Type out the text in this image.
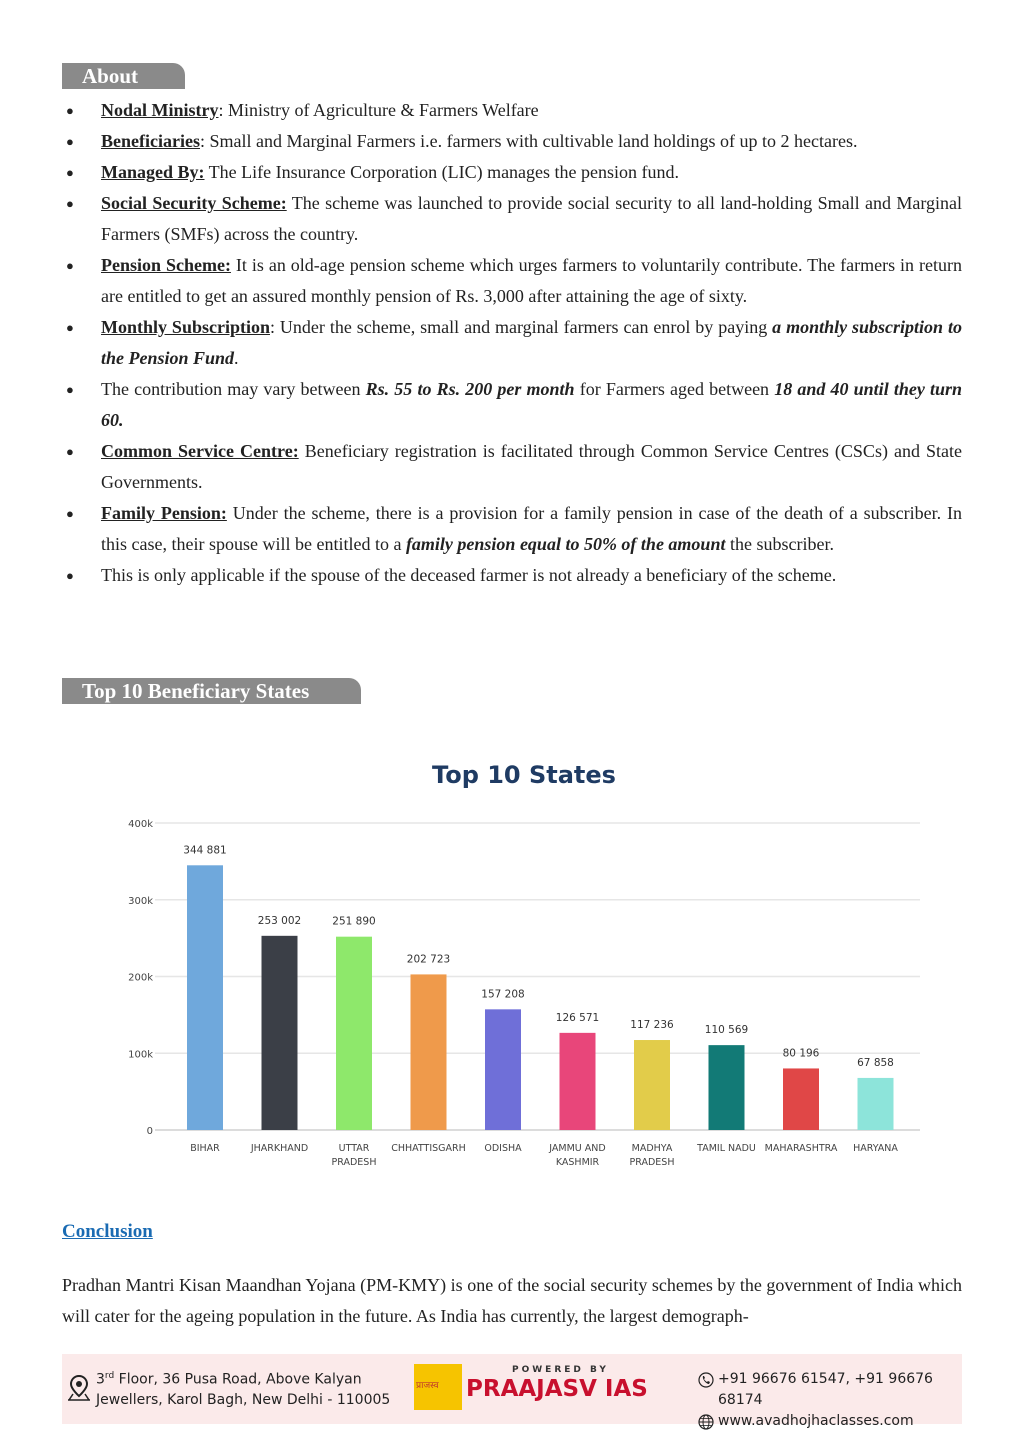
About
● Nodal Ministry: Ministry of Agriculture & Farmers Welfare
● Beneficiaries: Small and Marginal Farmers i.e. farmers with cultivable land holdings of up to 2 hectares.
● Managed By: The Life Insurance Corporation (LIC) manages the pension fund.
● Social Security Scheme: The scheme was launched to provide social security to all land-holding Small and Marginal Farmers (SMFs) across the country.
● Pension Scheme: It is an old-age pension scheme which urges farmers to voluntarily contribute. The farmers in return are entitled to get an assured monthly pension of Rs. 3,000 after attaining the age of sixty.
● Monthly Subscription: Under the scheme, small and marginal farmers can enrol by paying a monthly subscription to the Pension Fund.
● The contribution may vary between Rs. 55 to Rs. 200 per month for Farmers aged between 18 and 40 until they turn 60.
● Common Service Centre: Beneficiary registration is facilitated through Common Service Centres (CSCs) and State Governments.
● Family Pension: Under the scheme, there is a provision for a family pension in case of the death of a subscriber. In this case, their spouse will be entitled to a family pension equal to 50% of the amount the subscriber.
● This is only applicable if the spouse of the deceased farmer is not already a beneficiary of the scheme.
Top 10 Beneficiary States
Top 10 States
0
100k
200k
300k
400k
344 881
BIHAR
253 002
JHARKHAND
251 890
UTTAR
PRADESH
202 723
CHHATTISGARH
157 208
ODISHA
126 571
JAMMU AND
KASHMIR
117 236
MADHYA
PRADESH
110 569
TAMIL NADU
80 196
MAHARASHTRA
67 858
HARYANA
Conclusion
Pradhan Mantri Kisan Maandhan Yojana (PM-KMY) is one of the social security schemes by the government of India which will cater for the ageing population in the future. As India has currently, the largest demograph-
3rd Floor, 36 Pusa Road, Above Kalyan
Jewellers, Karol Bagh, New Delhi - 110005
प्राजस्व
POWERED BY
PRAAJASV IAS	+91 96676 61547, +91 96676 68174
www.avadhojhaclasses.com
